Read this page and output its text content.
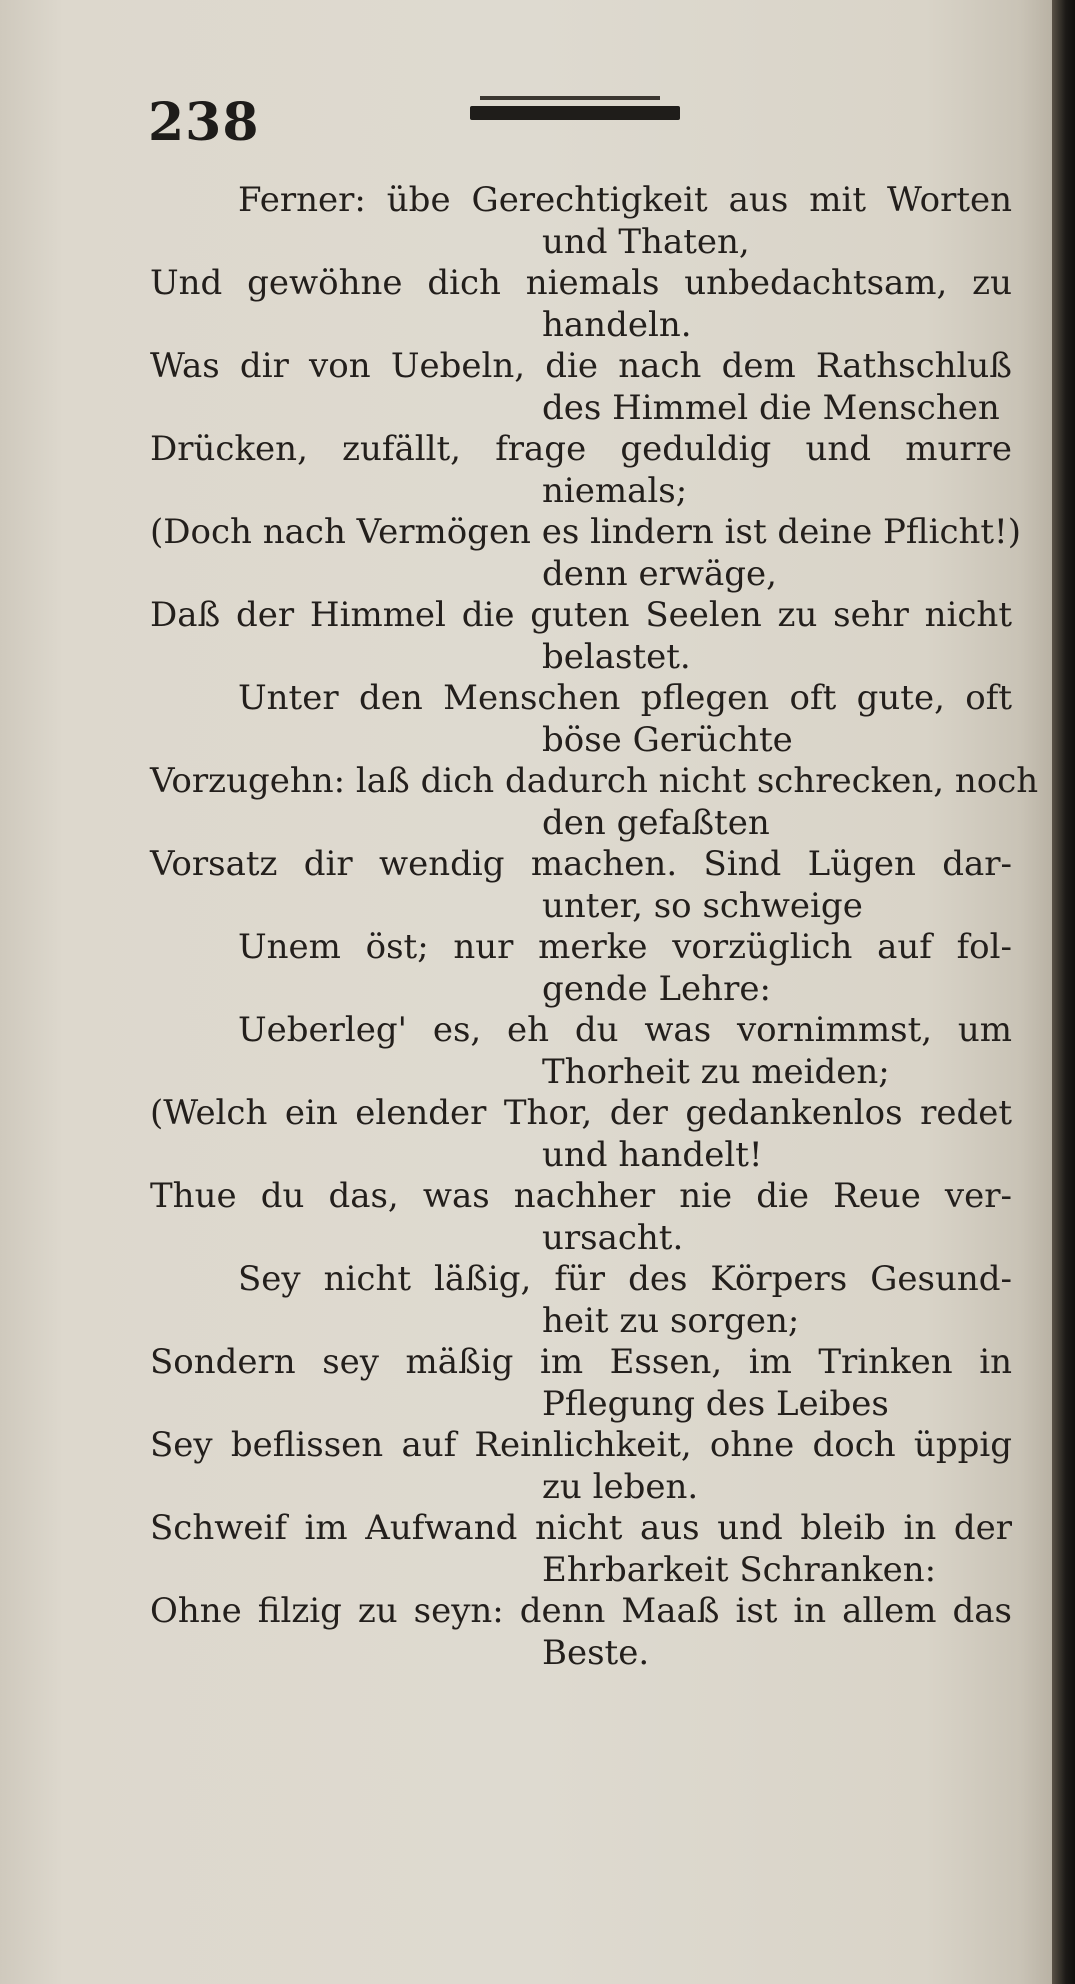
238
Ferner: übe Gerechtigkeit aus mit Worten
und Thaten,
Und gewöhne dich niemals unbedachtsam, zu
handeln.
Was dir von Uebeln, die nach dem Rathschluß
des Himmel die Menschen
Drücken, zufällt, frage geduldig und murre
niemals;
(Doch nach Vermögen es lindern ist deine Pflicht!)
denn erwäge,
Daß der Himmel die guten Seelen zu sehr nicht
belastet.
Unter den Menschen pflegen oft gute, oft
böse Gerüchte
Vorzugehn: laß dich dadurch nicht schrecken, noch
den gefaßten
Vorsatz dir wendig machen. Sind Lügen dar-
unter, so schweige
Unem öst; nur merke vorzüglich auf fol-
gende Lehre:
Ueberleg' es, eh du was vornimmst, um
Thorheit zu meiden;
(Welch ein elender Thor, der gedankenlos redet
und handelt!
Thue du das, was nachher nie die Reue ver-
ursacht.
Sey nicht läßig, für des Körpers Gesund-
heit zu sorgen;
Sondern sey mäßig im Essen, im Trinken in
Pflegung des Leibes
Sey beflissen auf Reinlichkeit, ohne doch üppig
zu leben.
Schweif im Aufwand nicht aus und bleib in der
Ehrbarkeit Schranken:
Ohne filzig zu seyn: denn Maaß ist in allem das
Beste.
